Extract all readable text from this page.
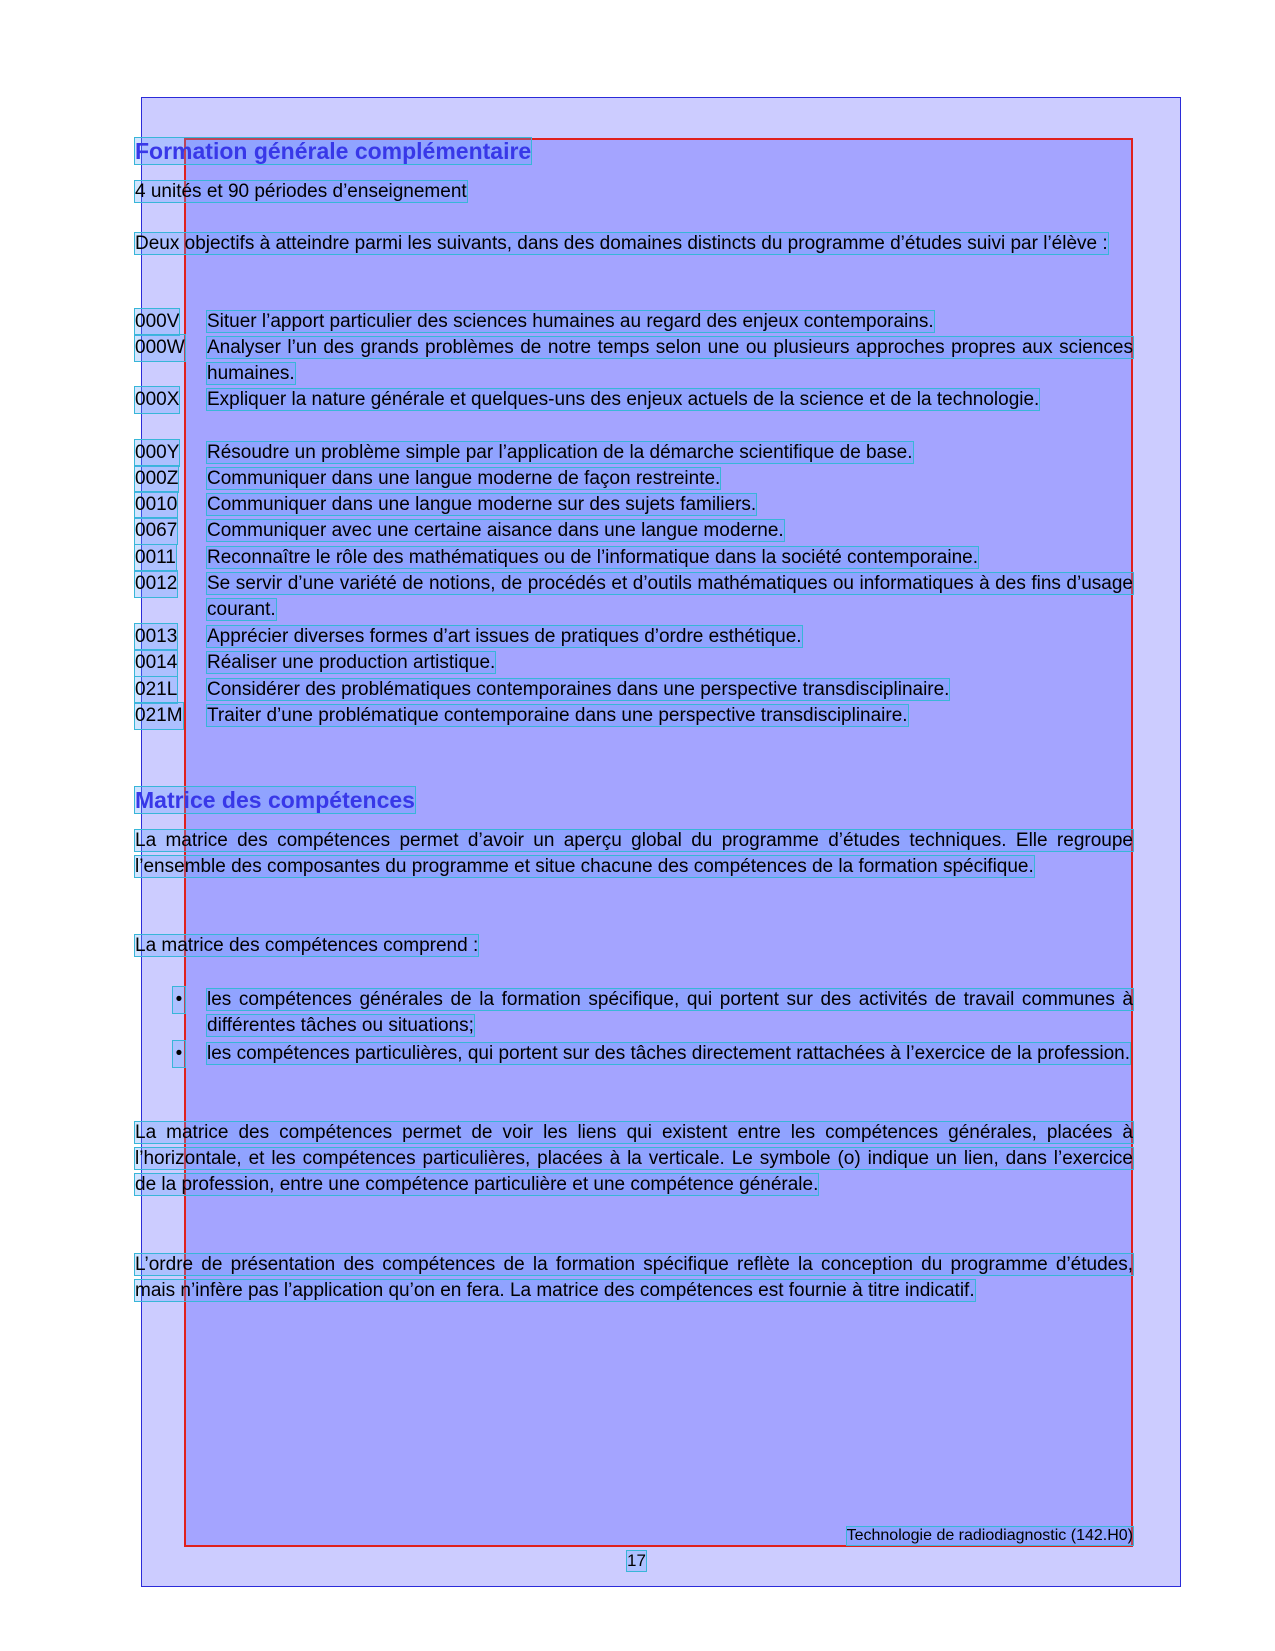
Formation générale complémentaire
4 unités et 90 périodes d’enseignement
Deux objectifs à atteindre parmi les suivants, dans des domaines distincts du programme d’études suivi par l’élève :
000V Situer l’apport particulier des sciences humaines au regard des enjeux contemporains.
000W Analyser l’un des grands problèmes de notre temps selon une ou plusieurs approches propres aux sciences humaines.
000X Expliquer la nature générale et quelques-uns des enjeux actuels de la science et de la technologie.
000Y Résoudre un problème simple par l’application de la démarche scientifique de base.
000Z Communiquer dans une langue moderne de façon restreinte.
0010 Communiquer dans une langue moderne sur des sujets familiers.
0067 Communiquer avec une certaine aisance dans une langue moderne.
0011 Reconnaître le rôle des mathématiques ou de l’informatique dans la société contemporaine.
0012 Se servir d’une variété de notions, de procédés et d’outils mathématiques ou informatiques à des fins d’usage courant.
0013 Apprécier diverses formes d’art issues de pratiques d’ordre esthétique.
0014 Réaliser une production artistique.
021L Considérer des problématiques contemporaines dans une perspective transdisciplinaire.
021M Traiter d’une problématique contemporaine dans une perspective transdisciplinaire.
Matrice des compétences
La matrice des compétences permet d’avoir un aperçu global du programme d’études techniques. Elle regroupe l’ensemble des composantes du programme et situe chacune des compétences de la formation spécifique.
La matrice des compétences comprend :
• les compétences générales de la formation spécifique, qui portent sur des activités de travail communes à différentes tâches ou situations;
• les compétences particulières, qui portent sur des tâches directement rattachées à l’exercice de la profession.
La matrice des compétences permet de voir les liens qui existent entre les compétences générales, placées à l’horizontale, et les compétences particulières, placées à la verticale. Le symbole (o) indique un lien, dans l’exercice de la profession, entre une compétence particulière et une compétence générale.
L’ordre de présentation des compétences de la formation spécifique reflète la conception du programme d’études, mais n’infère pas l’application qu’on en fera. La matrice des compétences est fournie à titre indicatif.
Technologie de radiodiagnostic (142.H0)
17
